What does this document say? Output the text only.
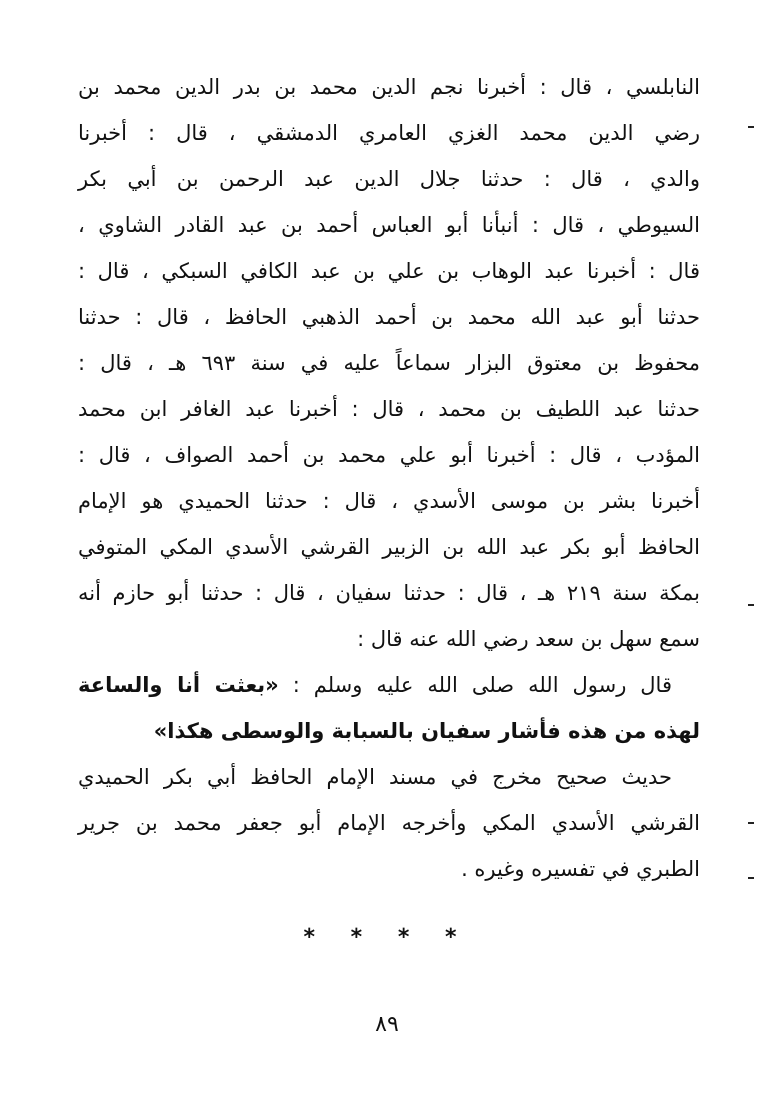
النابلسي ، قال : أخبرنا نجم الدين محمد بن بدر الدين محمد بن
رضي الدين محمد الغزي العامري الدمشقي ، قال : أخبرنا
والدي ، قال : حدثنا جلال الدين عبد الرحمن بن أبي بكر
السيوطي ، قال : أنبأنا أبو العباس أحمد بن عبد القادر الشاوي ،
قال : أخبرنا عبد الوهاب بن علي بن عبد الكافي السبكي ، قال :
حدثنا أبو عبد الله محمد بن أحمد الذهبي الحافظ ، قال : حدثنا
محفوظ بن معتوق البزار سماعاً عليه في سنة ٦٩٣ هـ ، قال :
حدثنا عبد اللطيف بن محمد ، قال : أخبرنا عبد الغافر ابن محمد
المؤدب ، قال : أخبرنا أبو علي محمد بن أحمد الصواف ، قال :
أخبرنا بشر بن موسى الأسدي ، قال : حدثنا الحميدي هو الإمام
الحافظ أبو بكر عبد الله بن الزبير القرشي الأسدي المكي المتوفي
بمكة سنة ٢١٩ هـ ، قال : حدثنا سفيان ، قال : حدثنا أبو حازم أنه
سمع سهل بن سعد رضي الله عنه قال :
قال رسول الله صلى الله عليه وسلم : «بعثت أنا والساعة
لهذه من هذه فأشار سفيان بالسبابة والوسطى هكذا»
حديث صحيح مخرج في مسند الإمام الحافظ أبي بكر الحميدي
القرشي الأسدي المكي وأخرجه الإمام أبو جعفر محمد بن جرير
الطبري في تفسيره وغيره .
* * * *
٨٩
